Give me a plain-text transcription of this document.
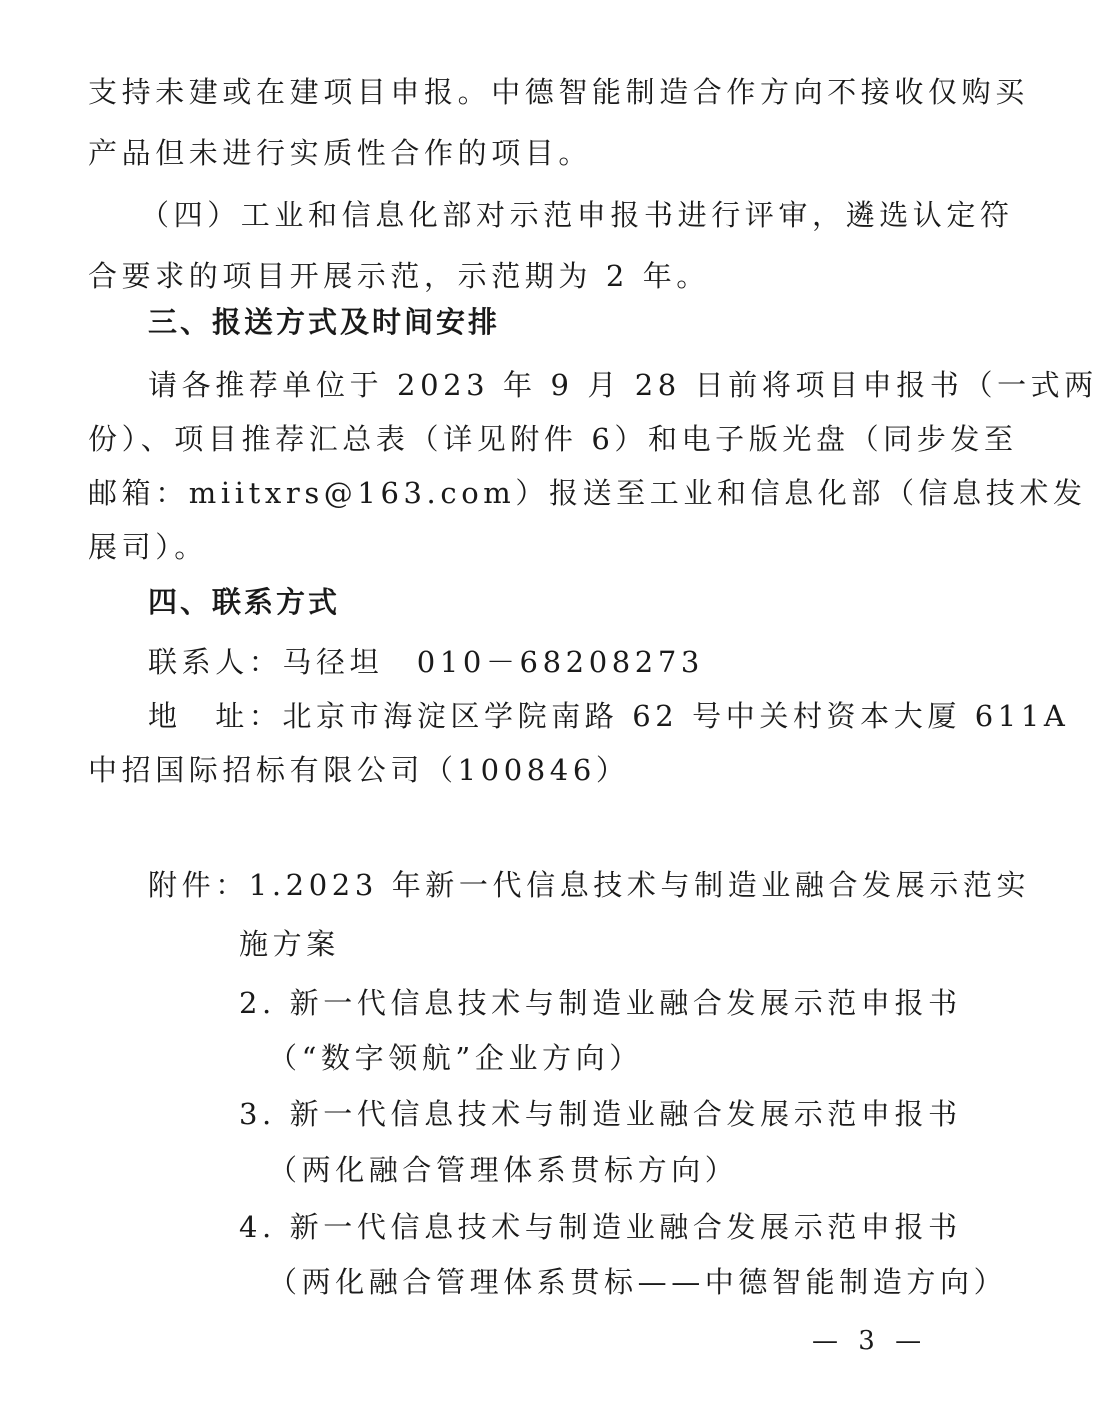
支持未建或在建项目申报。中德智能制造合作方向不接收仅购买
产品但未进行实质性合作的项目。
（四）工业和信息化部对示范申报书进行评审，遴选认定符
合要求的项目开展示范，示范期为 2 年。
三、报送方式及时间安排
请各推荐单位于 2023 年 9 月 28 日前将项目申报书（一式两
份）、项目推荐汇总表（详见附件 6）和电子版光盘（同步发至
邮箱：miitxrs@163.com）报送至工业和信息化部（信息技术发
展司）。
四、联系方式
联系人：马径坦　010－68208273
地　址：北京市海淀区学院南路 62 号中关村资本大厦 611A
中招国际招标有限公司（100846）
附件：1.2023 年新一代信息技术与制造业融合发展示范实
施方案
2. 新一代信息技术与制造业融合发展示范申报书
（“数字领航”企业方向）
3. 新一代信息技术与制造业融合发展示范申报书
（两化融合管理体系贯标方向）
4. 新一代信息技术与制造业融合发展示范申报书
（两化融合管理体系贯标——中德智能制造方向）
— 3 —
